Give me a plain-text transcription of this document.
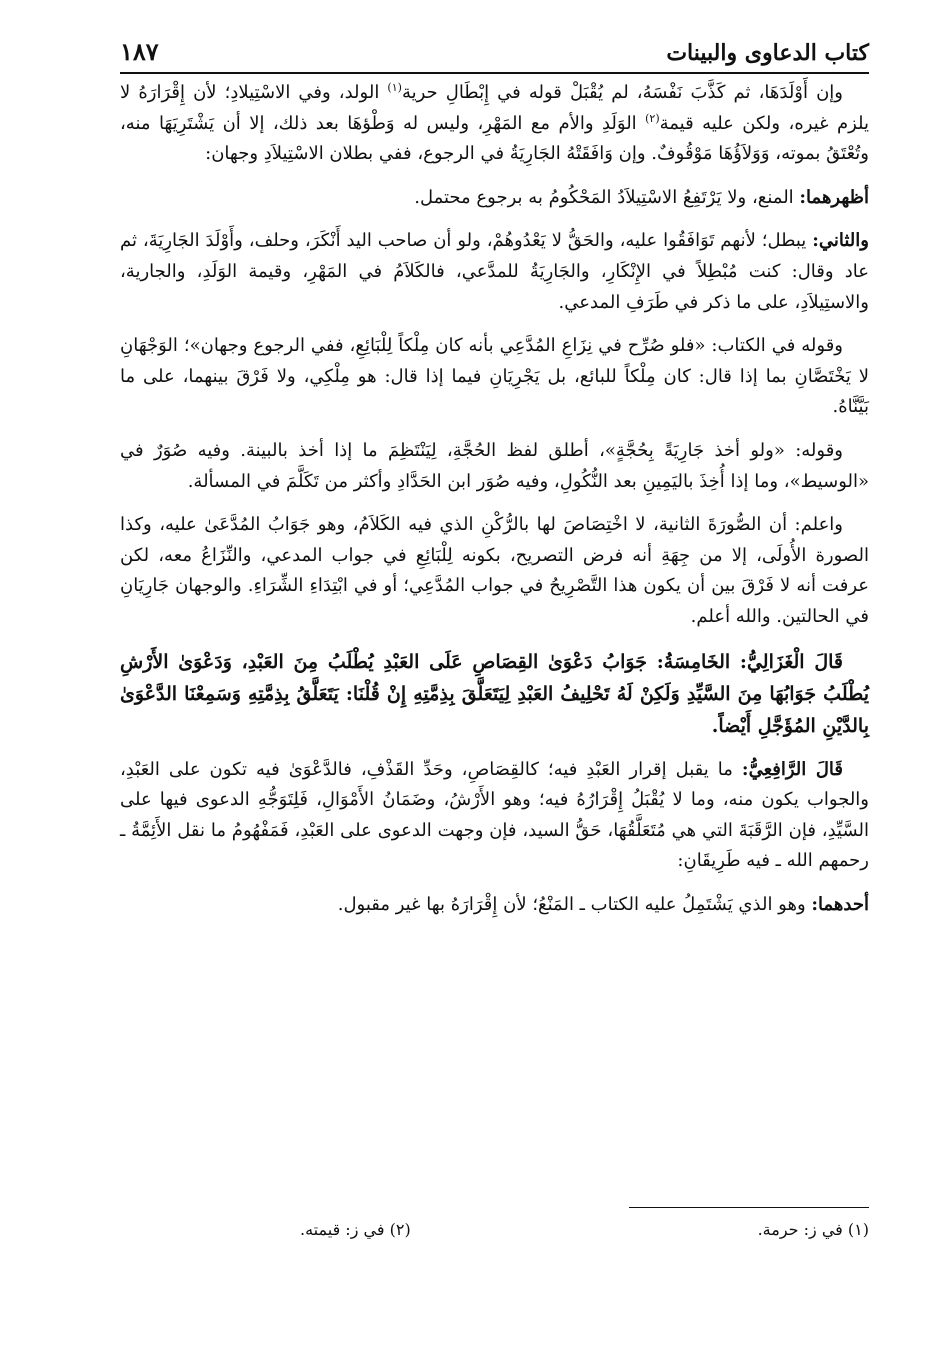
كتاب الدعاوى والبينات
١٨٧

وإن أَوْلَدَهَا، ثم كَذَّبَ نَفْسَهُ، لم يُقْبَلْ قوله في إِبْطَالِ حرية$^{(١)}$ الولد، وفي الاسْتِيلادِ؛ لأن إِقْرَارَهُ لا يلزم غيره، ولكن عليه قيمة$^{(٢)}$ الوَلَدِ والأم مع المَهْرِ، وليس له وَطْؤهَا بعد ذلك، إلا أن يَشْتَرِيَهَا منه، وتُعْتَقُ بموته، وَوَلاَؤُهَا مَوْقُوفٌ. وإن وَافَقَتْهُ الجَارِيَةُ في الرجوع، ففي بطلان الاسْتِيلاَدِ وجهان:

أظهرهما: المنع، ولا يَرْتَفِعُ الاسْتِيلاَدُ المَحْكُومُ به برجوع محتمل.

والثاني: يبطل؛ لأنهم تَوَافَقُوا عليه، والحَقُّ لا يَعْدُوهُمْ، ولو أن صاحب اليد أَنْكَرَ، وحلف، وأَوْلَدَ الجَارِيَةَ، ثم عاد وقال: كنت مُبْطِلاً في الإِنْكَارِ، والجَارِيَةُ للمدَّعي، فالكَلاَمُ في المَهْرِ، وقيمة الوَلَدِ، والجارية، والاستِيلاَدِ، على ما ذكر في طَرَفِ المدعي.

وقوله في الكتاب: «فلو صُرِّح في نِزَاعِ المُدَّعِي بأنه كان مِلْكاً لِلْبَائِعِ، ففي الرجوع وجهان»؛ الوَجْهَانِ لا يَخْتَصَّانِ بما إذا قال: كان مِلْكاً للبائع، بل يَجْرِيَانِ فيما إذا قال: هو مِلْكِي، ولا فَرْقَ بينهما، على ما بَيَّنَّاهُ.

وقوله: «ولو أخذ جَارِيَةً بِحُجَّةٍ»، أطلق لفظ الحُجَّةِ، لِيَنْتَظِمَ ما إذا أخذ بالبينة. وفيه صُوَرٌ في «الوسيط»، وما إذا أُخِذَ باليَمِينِ بعد النُّكُولِ، وفيه صُوَر ابن الحَدَّادِ وأكثر من تَكَلَّمَ في المسألة.

واعلم: أن الصُّورَةَ الثانية، لا اخْتِصَاصَ لها بالرُّكْنِ الذي فيه الكَلاَمُ، وهو جَوَابُ المُدَّعَىٰ عليه، وكذا الصورة الأُولَى، إلا من جِهَةِ أنه فرض التصريح، بكونه لِلْبَائِعِ في جواب المدعي، والنِّزَاعُ معه، لكن عرفت أنه لا فَرْقَ بين أن يكون هذا التَّصْرِيحُ في جواب المُدَّعِي؛ أو في ابْتِدَاءِ الشِّرَاءِ. والوجهان جَارِيَانِ في الحالتين. والله أعلم.

قَالَ الْغَزَالِيُّ: الخَامِسَةُ: جَوَابُ دَعْوَىٰ القِصَاصِ عَلَى العَبْدِ يُطْلَبُ مِنَ العَبْدِ، وَدَعْوَىٰ الأَرْشِ يُطْلَبُ جَوَابُهَا مِنَ السَّيِّدِ وَلَكِنْ لَهُ تَحْلِيفُ العَبْدِ لِيَتَعَلَّقَ بِذِمَّتِهِ إِنْ قُلْنَا: يَتَعَلَّقُ بِذِمَّتِهِ وَسَمِعْنَا الدَّعْوَىٰ بِالدَّيْنِ المُؤَجَّلِ أَيْضاً.

قَالَ الرَّافِعِيُّ: ما يقبل إقرار العَبْدِ فيه؛ كالقِصَاصِ، وحَدِّ القَذْفِ، فالدَّعْوَىٰ فيه تكون على العَبْدِ، والجواب يكون منه، وما لا يُقْبَلُ إِقْرَارُهُ فيه؛ وهو الأَرْشُ، وضَمَانُ الأَمْوَالِ، فَلِتَوَجُّهِ الدعوى فيها على السَّيِّدِ، فإن الرَّقَبَةَ التي هي مُتَعَلَّقُهَا، حَقُّ السيد، فإن وجهت الدعوى على العَبْدِ، فَمَفْهُومُ ما نقل الأَئِمَّةُ ـ رحمهم الله ـ فيه طَرِيقَانِ:

أحدهما: وهو الذي يَشْتَمِلُ عليه الكتاب ـ المَنْعُ؛ لأن إِقْرَارَهُ بها غير مقبول.

(١) في ز: حرمة.
(٢) في ز: قيمته.
